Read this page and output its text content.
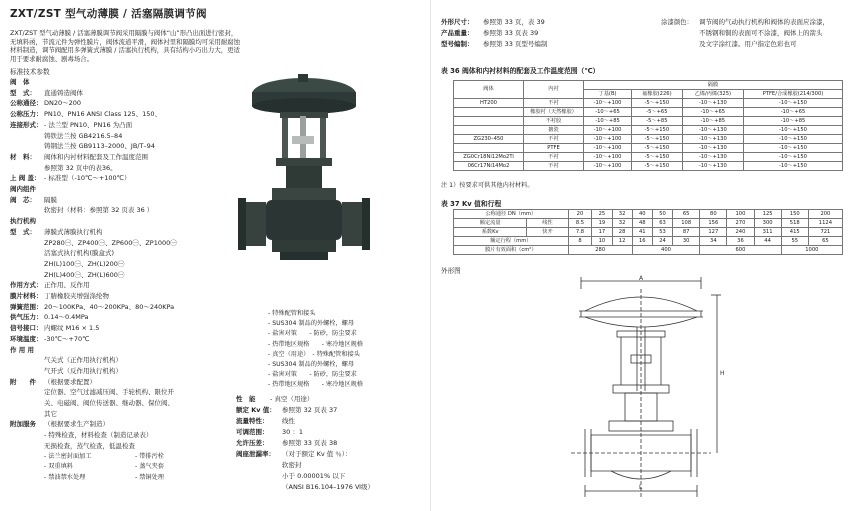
ZXT/ZST 型气动薄膜 / 活塞隔膜调节阀
ZXT/ZST 型气动薄膜 / 活塞薄膜调节阀采用隔膜与阀体“山”形凸出面进行密封，无填料函，节流元件为弹性膜片，阀体流道平滑，阀体衬里和隔膜均可采用耐腐蚀材料制造，调节阀配用多弹簧式薄膜 / 活塞执行机构，具有结构小巧出力大，更适用于要求耐腐蚀、剧毒场合。
标准技术参数
阀　体
型　式： 直通铸造阀体
公称通径： DN20～200
公称压力： PN10、PN16 ANSI Class 125、150、
连接形式： - 法兰型 PN10、PN16 为凸面
铸铁法兰按 GB4216.5–84
铸钢法兰按 GB9113–2000、JB/T–94
材　料： 阀体和内衬材料配套及工作温度范围
参照第 32 页中的表36。
上 阀 盖： - 标准型（-10℃～+100℃）
阀内组件
阀　芯： 隔膜
软密封（材料：参照第 32 页表 36 ）
执行机构
型　式： 薄膜式薄膜执行机构
ZP280㊀、ZP400㊀、ZP600㊀、ZP1000㊀
活塞式执行机构(膜盒式)
ZH(L)100㊀、ZH(L)200㊀
ZH(L)400㊀、ZH(L)600㊀
作用方式： 正作用、反作用
膜片材料： 丁腈橡胶夹增强涤纶物
弹簧范围： 20～100KPa、40～200KPa、80～240KPa
供气压力： 0.14～0.4MPa
信号接口： 内螺纹 M16 × 1.5
环境温度： -30℃～+70℃
作 用 用
气关式（正作用执行机构）
气开式（反作用执行机构）
附　　件 （根据要求配置）
定位器、空气过滤减压阀、手轮机构、限位开
关、电磁阀、阀位传送器、继动器、保位阀、
其它
附加服务 （根据要求生产制造）
- 特殊检查，材料检查（制造记录表）
无损检查，蒸气检查，低温检查
- 特殊配管和接头
- SUS304 制品的外螺栓，螺母
- 盐害对策　　- 防砂，防尘要求
- 热带地区规格　　- 寒冷地区规格
- 真空（用途）　- 特殊配管和接头
- SUS304 制品的外螺栓，螺母
- 盐害对策　　- 防砂，防尘要求
- 热带地区规格　　- 寒冷地区规格
性　能 - 真空（用途）
额定 Kv 值： 参照第 32 页表 37
流量特性： 线性
可调范围： 30 ：1
允许压差： 参照第 33 页表 38
阀座泄漏率： （对于额定 Kv 值 ％）：
软密封
小于 0.00001% 以下
（ANSI B16.104–1976 Ⅵ级）
- 法兰密封面加工
- 双重填料
- 禁油禁水处理
- 带排污栓
- 蒸气夹套
- 禁铜处理
外形尺寸： 参照第 33 页，表 39
产品重量： 参照第 33 页表 39
型号编制： 参照第 33 页型号编制
涂漆颜色： 调节阀的气动执行机构和阀体的表面应涂漆，
不锈钢和铜的表面可不涂漆，阀体上的箭头
及文字涂红漆。用户指定色彩也可
表 36 阀体和内衬材料的配套及工作温度范围（℃）
阀体	内衬	隔膜			
		丁基(B)	氟橡胶(226)	乙烯/丙烯(325)	PTFE/合成橡胶(214/300)
HT200	不衬	-10～+100	-5～+150	-10～+130	-10～+150
	橡胶衬（天然橡胶）	-10～+65	-5～+65	-10～+65	-10～+65
	不衬胶	-10～+85	-5～+85	-10～+85	-10～+85
	搪瓷	-10～+100	-5～+150	-10～+130	-10～+150
ZG230–450	不衬	-10～+100	-5～+150	-10～+130	-10～+150
	PTFE	-10～+100	-5～+150	-10～+130	-10～+150
ZG0Cr18Ni12Mo2Ti	不衬	-10～+100	-5～+150	-10～+130	-10～+150
06Cr17Ni14Mo2	不衬	-10～+100	-5～+150	-10～+130	-10～+150
注 1）按要求可供其他内衬材料。
表 37 Kv 值和行程
公称通径 DN（mm）		20	25	32	40	50	65	80	100	125	150	200
额定流量	线性	8.5	19	32	48	63	108	156	270	300	518	1124
系数Kv	快开	7.8	17	28	41	53	87	127	240	311	415	721
额定行程（mm）		8	10	12	16	24	30	34	36	44	55	65
膜片有效面积（cm²）		280			400			600			1000	
外形图
A
H
L
